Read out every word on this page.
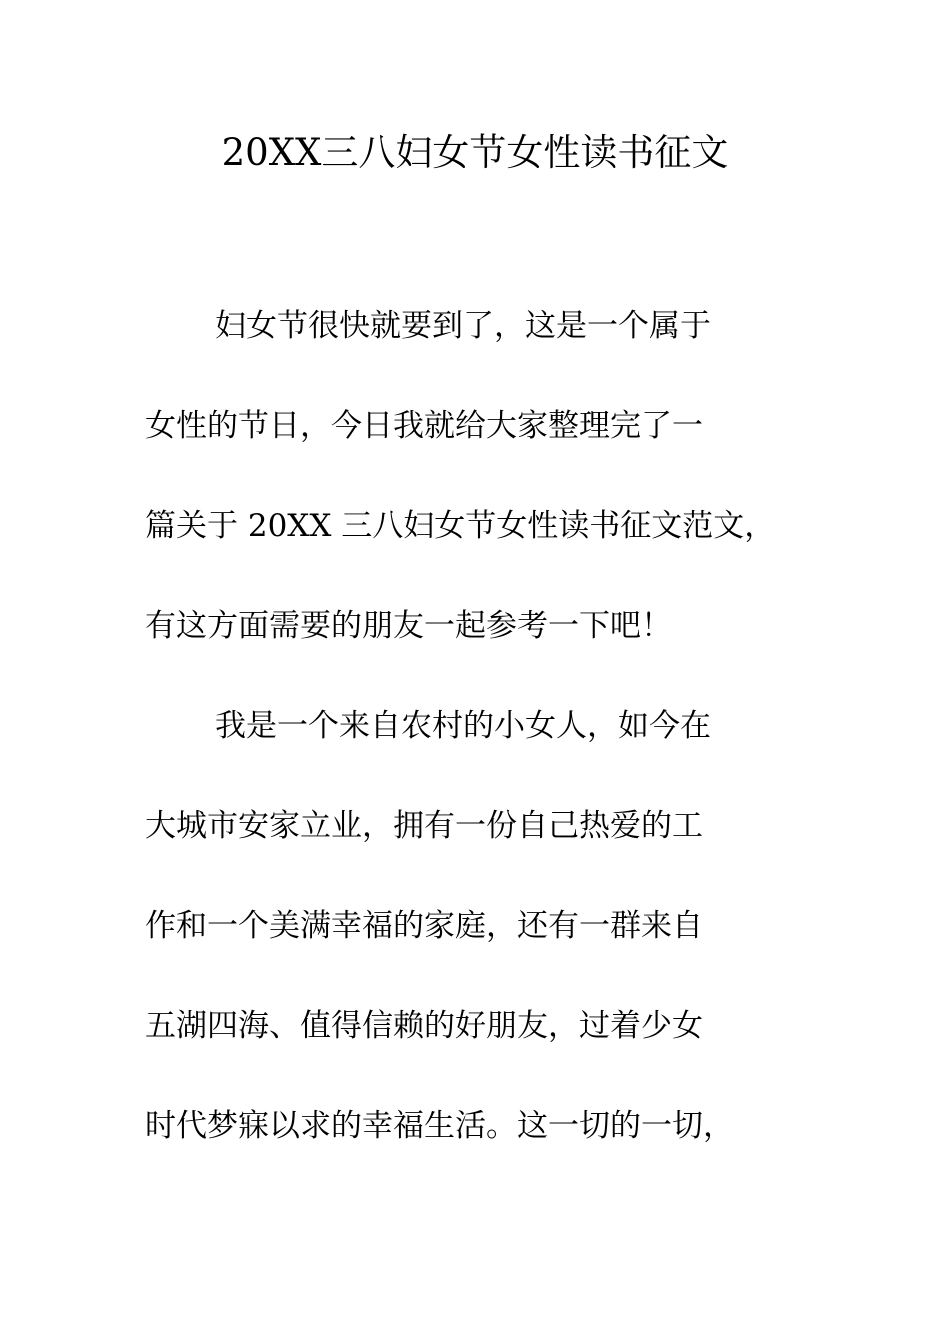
20XX三八妇女节女性读书征文
妇女节很快就要到了，这是一个属于
女性的节日，今日我就给大家整理完了一
篇关于 20XX 三八妇女节女性读书征文范文，
有这方面需要的朋友一起参考一下吧！
我是一个来自农村的小女人，如今在
大城市安家立业，拥有一份自己热爱的工
作和一个美满幸福的家庭，还有一群来自
五湖四海、值得信赖的好朋友，过着少女
时代梦寐以求的幸福生活。这一切的一切，
